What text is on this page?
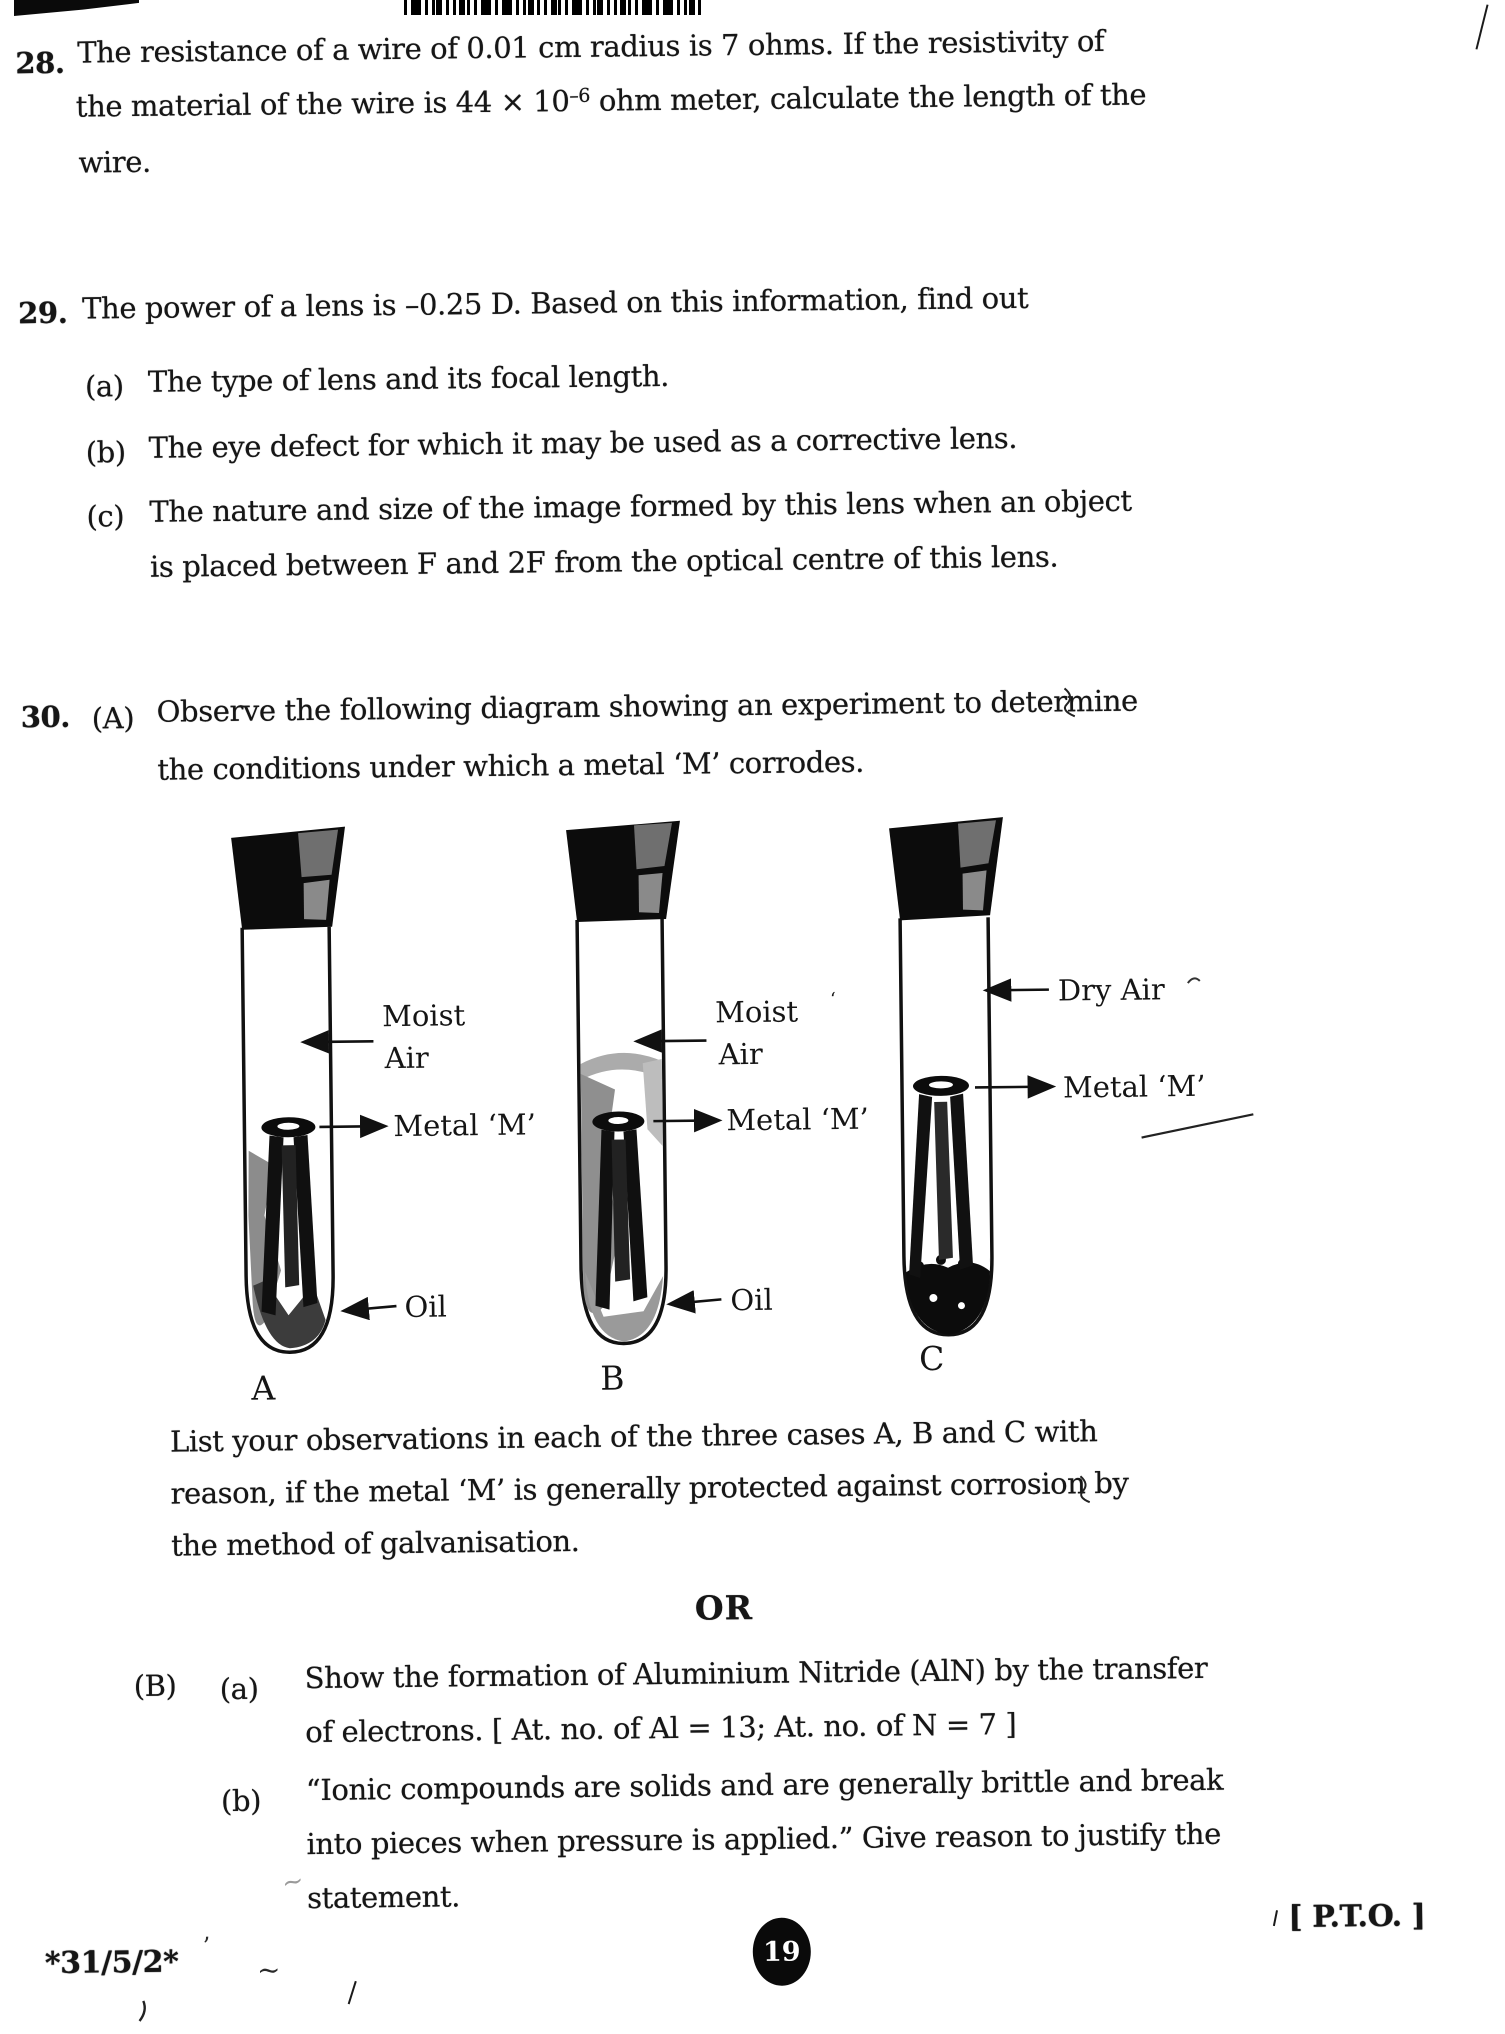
28. The resistance of a wire of 0.01 cm radius is 7 ohms. If the resistivity of
the material of the wire is $44 \times 10^{-6}$ ohm meter, calculate the length of the
wire.
29. The power of a lens is –0.25 D. Based on this information, find out
(a) The type of lens and its focal length.
(b) The eye defect for which it may be used as a corrective lens.
(c) The nature and size of the image formed by this lens when an object
is placed between F and 2F from the optical centre of this lens.
30. (A) Observe the following diagram showing an experiment to determine
the conditions under which a metal ‘M’ corrodes.
Moist
Air
Metal ‘M’
Oil
A
Moist ‘
Air
Metal ‘M’
Oil
B
Dry Air
Metal ‘M’
C
List your observations in each of the three cases A, B and C with
reason, if the metal ‘M’ is generally protected against corrosion by
the method of galvanisation.
OR
(B) (a) Show the formation of Aluminium Nitride (AlN) by the transfer
of electrons. [ At. no. of Al = 13; At. no. of N = 7 ]
(b) “Ionic compounds are solids and are generally brittle and break
into pieces when pressure is applied.” Give reason to justify the
statement.
*31/5/2* ’
~
19
[ P.T.O. ]
~
